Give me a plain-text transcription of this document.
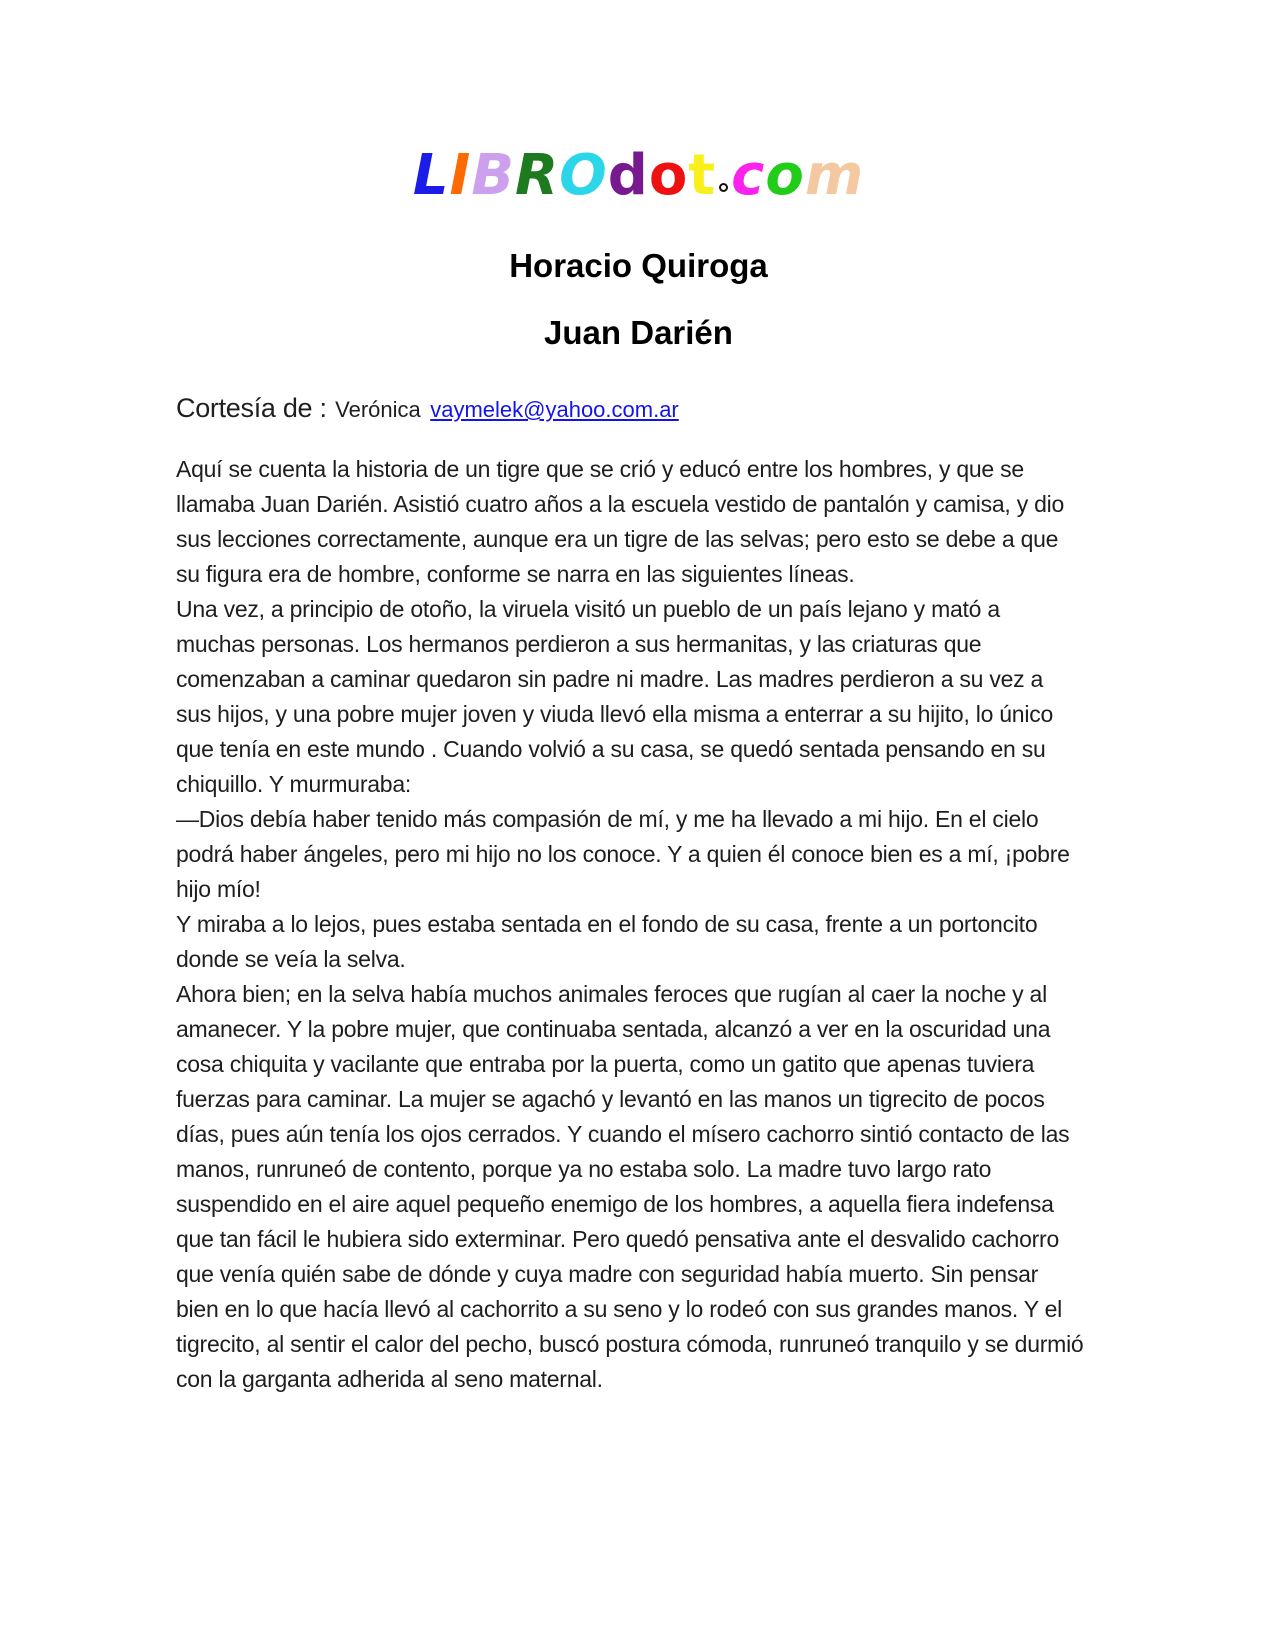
LIBROdot com
Horacio Quiroga
Juan Darién

Cortesía de : Verónica vaymelek@yahoo.com.ar

Aquí se cuenta la historia de un tigre que se crió y educó entre los hombres, y que se llamaba Juan Darién. Asistió cuatro años a la escuela vestido de pantalón y camisa, y dio sus lecciones correctamente, aunque era un tigre de las selvas; pero esto se debe a que su figura era de hombre, conforme se narra en las siguientes líneas.

Una vez, a principio de otoño, la viruela visitó un pueblo de un país lejano y mató a muchas personas. Los hermanos perdieron a sus hermanitas, y las criaturas que comenzaban a caminar quedaron sin padre ni madre. Las madres perdieron a su vez a sus hijos, y una pobre mujer joven y viuda llevó ella misma a enterrar a su hijito, lo único que tenía en este mundo . Cuando volvió a su casa, se quedó sentada pensando en su chiquillo. Y murmuraba:

—Dios debía haber tenido más compasión de mí, y me ha llevado a mi hijo. En el cielo podrá haber ángeles, pero mi hijo no los conoce. Y a quien él conoce bien es a mí, ¡pobre hijo mío!

Y miraba a lo lejos, pues estaba sentada en el fondo de su casa, frente a un portoncito donde se veía la selva.

Ahora bien; en la selva había muchos animales feroces que rugían al caer la noche y al amanecer. Y la pobre mujer, que continuaba sentada, alcanzó a ver en la oscuridad una cosa chiquita y vacilante que entraba por la puerta, como un gatito que apenas tuviera fuerzas para caminar. La mujer se agachó y levantó en las manos un tigrecito de pocos días, pues aún tenía los ojos cerrados. Y cuando el mísero cachorro sintió contacto de las manos, runruneó de contento, porque ya no estaba solo. La madre tuvo largo rato suspendido en el aire aquel pequeño enemigo de los hombres, a aquella fiera indefensa que tan fácil le hubiera sido exterminar. Pero quedó pensativa ante el desvalido cachorro que venía quién sabe de dónde y cuya madre con seguridad había muerto. Sin pensar bien en lo que hacía llevó al cachorrito a su seno y lo rodeó con sus grandes manos. Y el tigrecito, al sentir el calor del pecho, buscó postura cómoda, runruneó tranquilo y se durmió con la garganta adherida al seno maternal.
